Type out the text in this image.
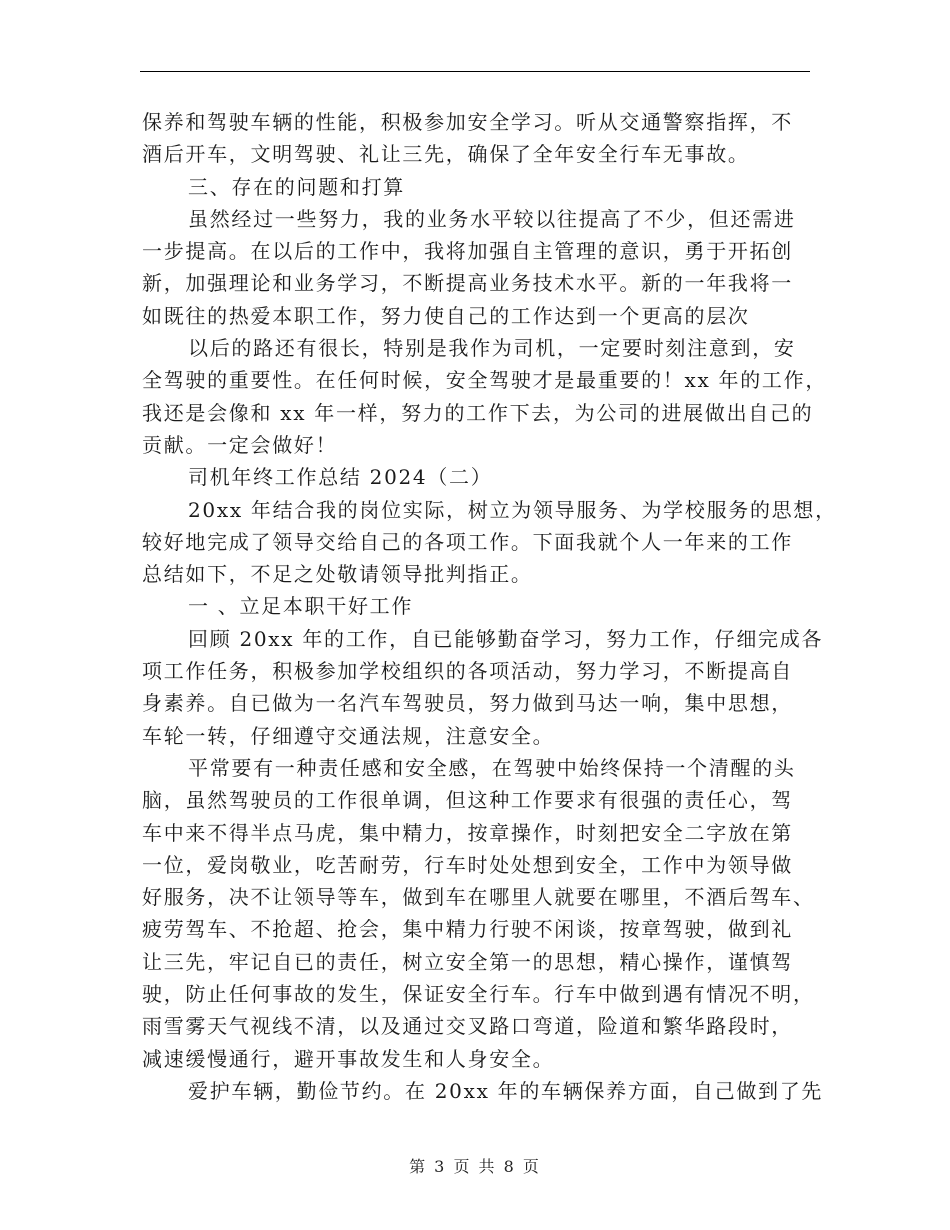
保养和驾驶车辆的性能，积极参加安全学习。听从交通警察指挥，不
酒后开车，文明驾驶、礼让三先，确保了全年安全行车无事故。
三、存在的问题和打算
虽然经过一些努力，我的业务水平较以往提高了不少，但还需进
一步提高。在以后的工作中，我将加强自主管理的意识，勇于开拓创
新，加强理论和业务学习，不断提高业务技术水平。新的一年我将一
如既往的热爱本职工作，努力使自己的工作达到一个更高的层次
以后的路还有很长，特别是我作为司机，一定要时刻注意到，安
全驾驶的重要性。在任何时候，安全驾驶才是最重要的！xx 年的工作，
我还是会像和 xx 年一样，努力的工作下去，为公司的进展做出自己的
贡献。一定会做好！
司机年终工作总结 2024（二）
20xx 年结合我的岗位实际，树立为领导服务、为学校服务的思想，
较好地完成了领导交给自己的各项工作。下面我就个人一年来的工作
总结如下，不足之处敬请领导批判指正。
一 、立足本职干好工作
回顾 20xx 年的工作，自已能够勤奋学习，努力工作，仔细完成各
项工作任务，积极参加学校组织的各项活动，努力学习，不断提高自
身素养。自已做为一名汽车驾驶员，努力做到马达一响，集中思想，
车轮一转，仔细遵守交通法规，注意安全。
平常要有一种责任感和安全感，在驾驶中始终保持一个清醒的头
脑，虽然驾驶员的工作很单调，但这种工作要求有很强的责任心，驾
车中来不得半点马虎，集中精力，按章操作，时刻把安全二字放在第
一位，爱岗敬业，吃苦耐劳，行车时处处想到安全，工作中为领导做
好服务，决不让领导等车，做到车在哪里人就要在哪里，不酒后驾车、
疲劳驾车、不抢超、抢会，集中精力行驶不闲谈，按章驾驶，做到礼
让三先，牢记自已的责任，树立安全第一的思想，精心操作，谨慎驾
驶，防止任何事故的发生，保证安全行车。行车中做到遇有情况不明，
雨雪雾天气视线不清，以及通过交叉路口弯道，险道和繁华路段时，
减速缓慢通行，避开事故发生和人身安全。
爱护车辆，勤俭节约。在 20xx 年的车辆保养方面，自己做到了先
第 3 页 共 8 页
